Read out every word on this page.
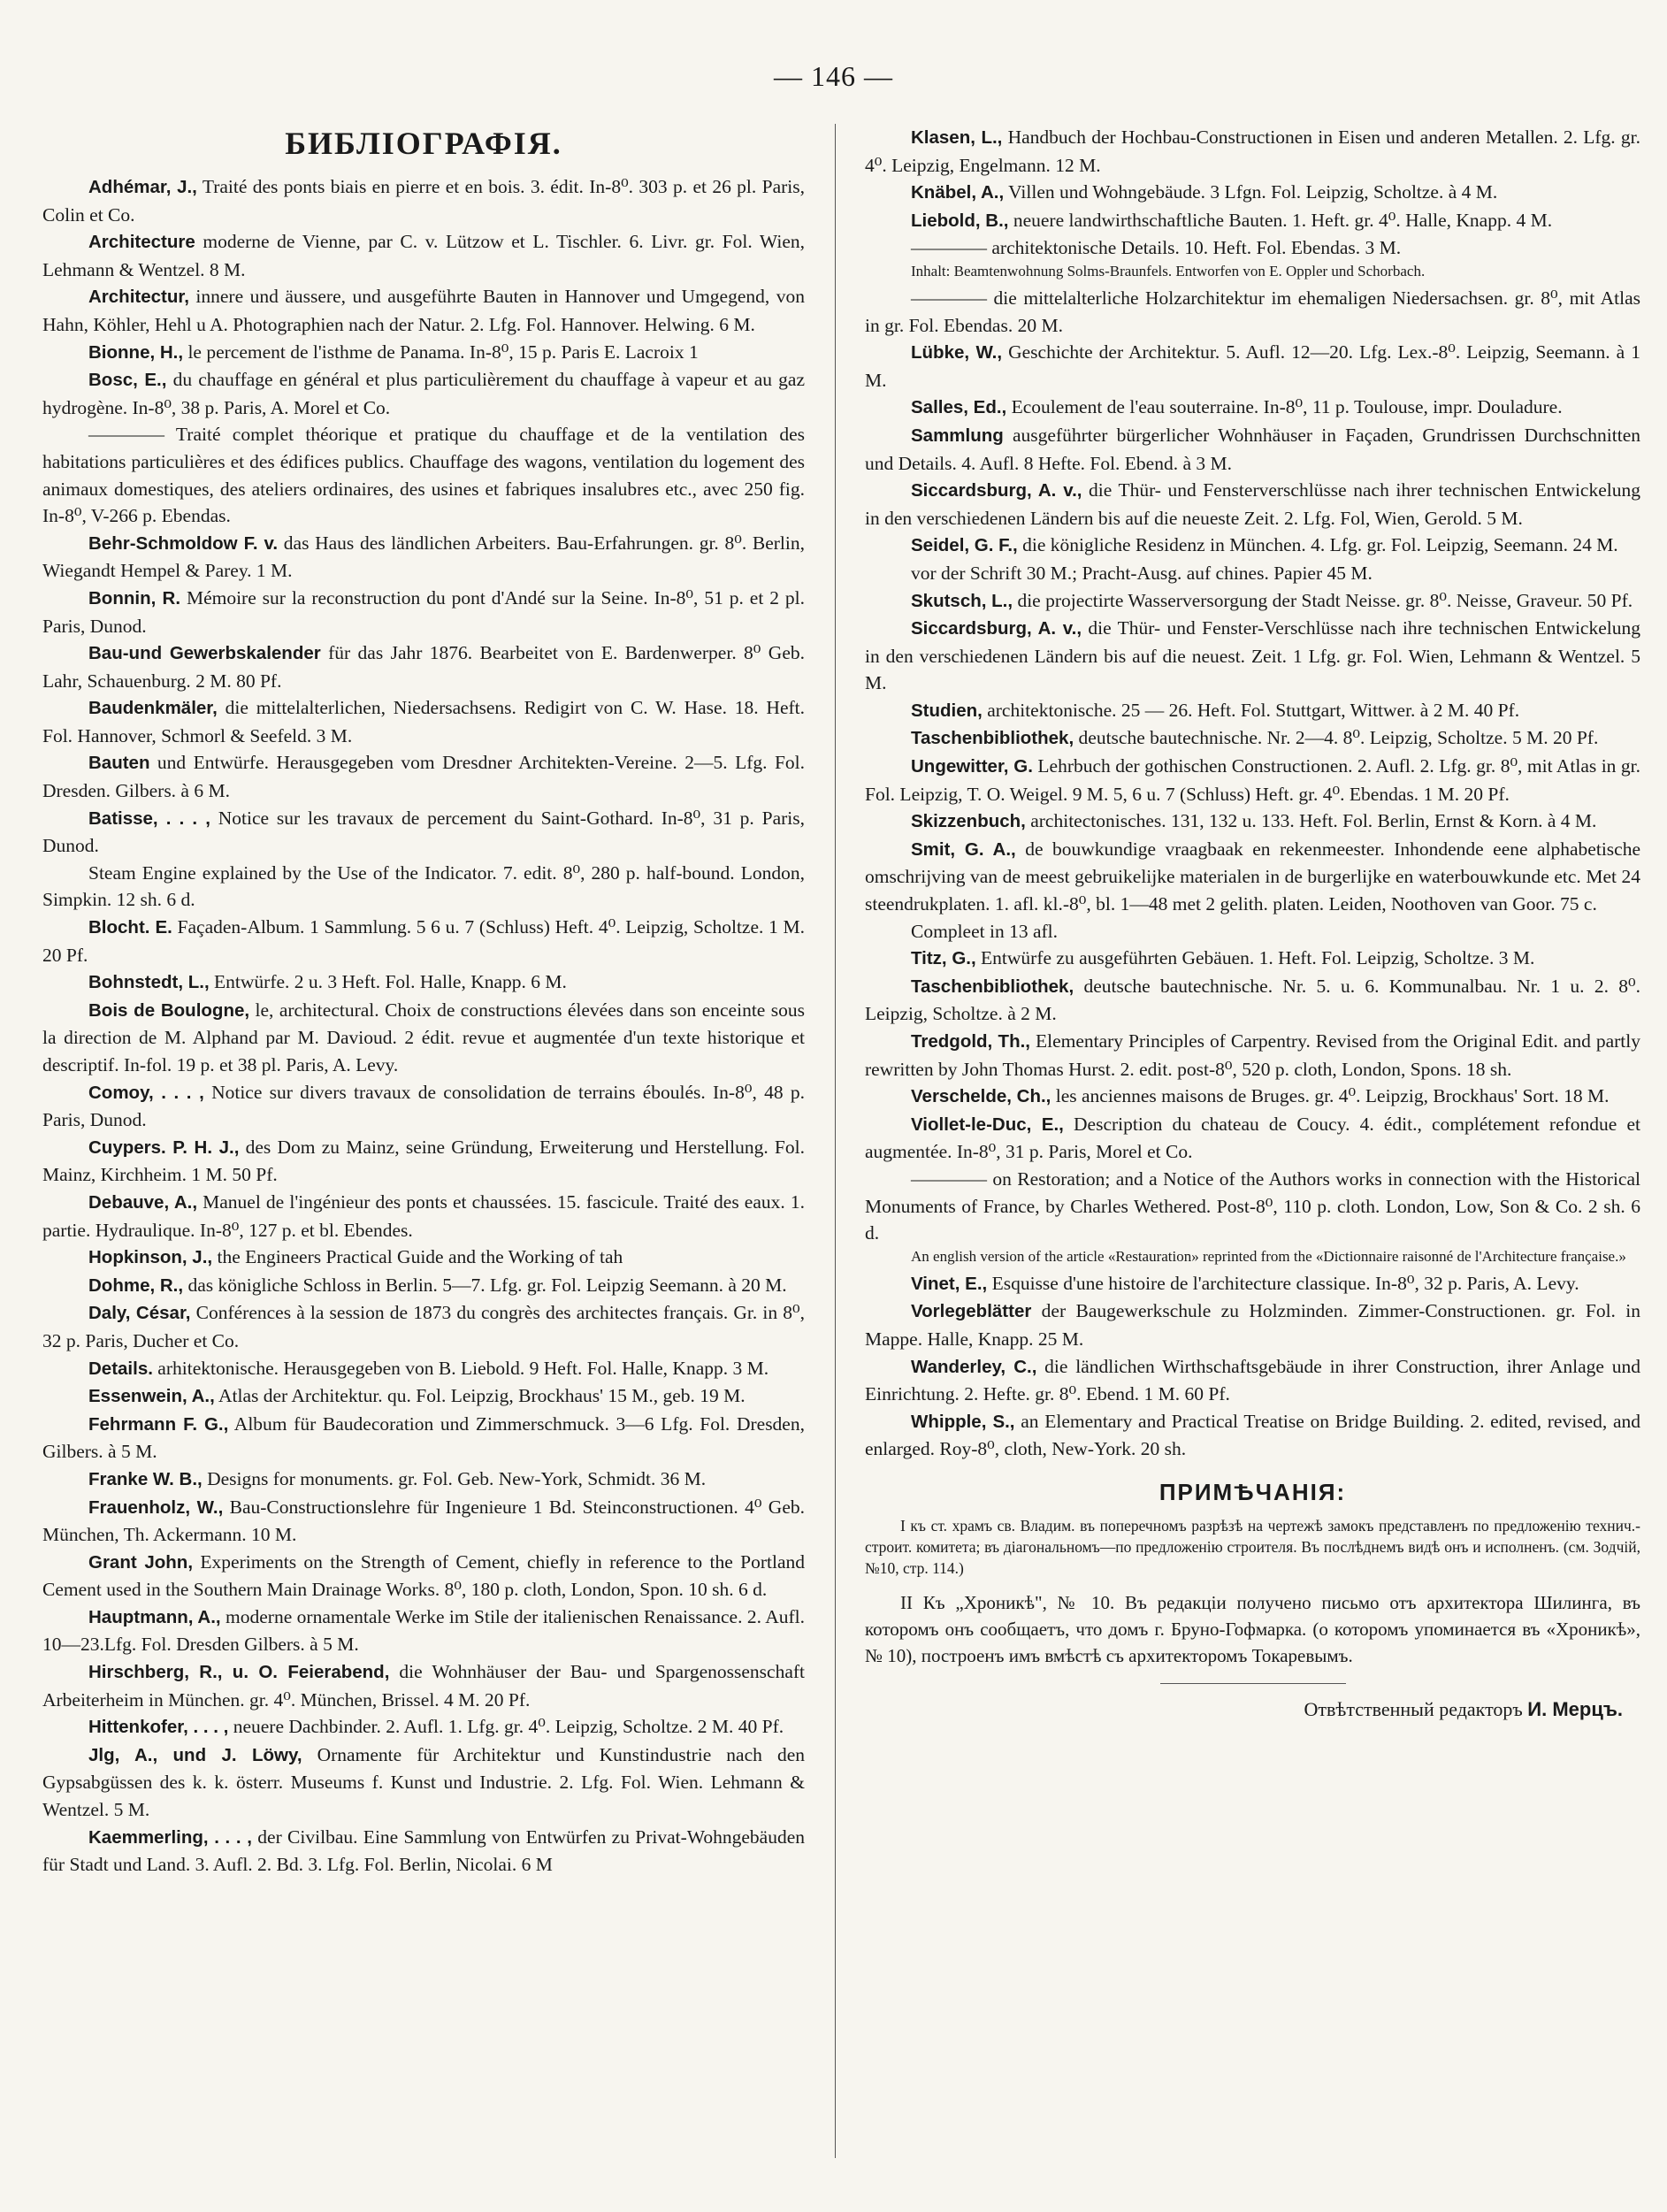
— 146 —
БИБЛІОГРАФІЯ.

Adhémar, J., Traité des ponts biais en pierre et en bois. 3. édit. In-8⁰. 303 p. et 26 pl. Paris, Colin et Co.

Architecture moderne de Vienne, par C. v. Lützow et L. Tischler. 6. Livr. gr. Fol. Wien, Lehmann & Wentzel. 8 M.

Architectur, innere und äussere, und ausgeführte Bauten in Hannover und Umgegend, von Hahn, Köhler, Hehl u A. Photographien nach der Natur. 2. Lfg. Fol. Hannover. Helwing. 6 M.

Bionne, H., le percement de l'isthme de Panama. In-8⁰, 15 p. Paris E. Lacroix 1

Bosc, E., du chauffage en général et plus particulièrement du chauffage à vapeur et au gaz hydrogène. In-8⁰, 38 p. Paris, A. Morel et Co.

———— Traité complet théorique et pratique du chauffage et de la ventilation des habitations particulières et des édifices publics. Chauffage des wagons, ventilation du logement des animaux domestiques, des ateliers ordinaires, des usines et fabriques insalubres etc., avec 250 fig. In-8⁰, V-266 p. Ebendas.

Behr-Schmoldow F. v. das Haus des ländlichen Arbeiters. Bau-Erfahrungen. gr. 8⁰. Berlin, Wiegandt Hempel & Parey. 1 M.

Bonnin, R. Mémoire sur la reconstruction du pont d'Andé sur la Seine. In-8⁰, 51 p. et 2 pl. Paris, Dunod.

Bau-und Gewerbskalender für das Jahr 1876. Bearbeitet von E. Bardenwerper. 8⁰ Geb. Lahr, Schauenburg. 2 M. 80 Pf.

Baudenkmäler, die mittelalterlichen, Niedersachsens. Redigirt von C. W. Hase. 18. Heft. Fol. Hannover, Schmorl & Seefeld. 3 M.

Bauten und Entwürfe. Herausgegeben vom Dresdner Architekten-Vereine. 2—5. Lfg. Fol. Dresden. Gilbers. à 6 M.

Batisse, . . . , Notice sur les travaux de percement du Saint-Gothard. In-8⁰, 31 p. Paris, Dunod.

Steam Engine explained by the Use of the Indicator. 7. edit. 8⁰, 280 p. half-bound. London, Simpkin. 12 sh. 6 d.

Blocht. E. Façaden-Album. 1 Sammlung. 5 6 u. 7 (Schluss) Heft. 4⁰. Leipzig, Scholtze. 1 M. 20 Pf.

Bohnstedt, L., Entwürfe. 2 u. 3 Heft. Fol. Halle, Knapp. 6 M.

Bois de Boulogne, le, architectural. Choix de constructions élevées dans son enceinte sous la direction de M. Alphand par M. Davioud. 2 édit. revue et augmentée d'un texte historique et descriptif. In-fol. 19 p. et 38 pl. Paris, A. Levy.

Comoy, . . . , Notice sur divers travaux de consolidation de terrains éboulés. In-8⁰, 48 p. Paris, Dunod.

Cuypers. P. H. J., des Dom zu Mainz, seine Gründung, Erweiterung und Herstellung. Fol. Mainz, Kirchheim. 1 M. 50 Pf.

Debauve, A., Manuel de l'ingénieur des ponts et chaussées. 15. fascicule. Traité des eaux. 1. partie. Hydraulique. In-8⁰, 127 p. et bl. Ebendes.

Hopkinson, J., the Engineers Practical Guide and the Working of tah

Dohme, R., das königliche Schloss in Berlin. 5—7. Lfg. gr. Fol. Leipzig Seemann. à 20 M.

Daly, César, Conférences à la session de 1873 du congrès des architectes français. Gr. in 8⁰, 32 p. Paris, Ducher et Co.

Details. arhitektonische. Herausgegeben von B. Liebold. 9 Heft. Fol. Halle, Knapp. 3 M.

Essenwein, A., Atlas der Architektur. qu. Fol. Leipzig, Brockhaus' 15 M., geb. 19 M.

Fehrmann F. G., Album für Baudecoration und Zimmerschmuck. 3—6 Lfg. Fol. Dresden, Gilbers. à 5 M.

Franke W. B., Designs for monuments. gr. Fol. Geb. New-York, Schmidt. 36 M.

Frauenholz, W., Bau-Constructionslehre für Ingenieure 1 Bd. Steinconstructionen. 4⁰ Geb. München, Th. Ackermann. 10 M.

Grant John, Experiments on the Strength of Cement, chiefly in reference to the Portland Cement used in the Southern Main Drainage Works. 8⁰, 180 p. cloth, London, Spon. 10 sh. 6 d.

Hauptmann, A., moderne ornamentale Werke im Stile der italienischen Renaissance. 2. Aufl. 10—23.Lfg. Fol. Dresden Gilbers. à 5 M.

Hirschberg, R., u. O. Feierabend, die Wohnhäuser der Bau- und Spargenossenschaft Arbeiterheim in München. gr. 4⁰. München, Brissel. 4 M. 20 Pf.

Hittenkofer, . . . , neuere Dachbinder. 2. Aufl. 1. Lfg. gr. 4⁰. Leipzig, Scholtze. 2 M. 40 Pf.

Jlg, A., und J. Löwy, Ornamente für Architektur und Kunstindustrie nach den Gypsabgüssen des k. k. österr. Museums f. Kunst und Industrie. 2. Lfg. Fol. Wien. Lehmann & Wentzel. 5 M.

Kaemmerling, . . . , der Civilbau. Eine Sammlung von Entwürfen zu Privat-Wohngebäuden für Stadt und Land. 3. Aufl. 2. Bd. 3. Lfg. Fol. Berlin, Nicolai. 6 M

Klasen, L., Handbuch der Hochbau-Constructionen in Eisen und anderen Metallen. 2. Lfg. gr. 4⁰. Leipzig, Engelmann. 12 M.

Knäbel, A., Villen und Wohngebäude. 3 Lfgn. Fol. Leipzig, Scholtze. à 4 M.

Liebold, B., neuere landwirthschaftliche Bauten. 1. Heft. gr. 4⁰. Halle, Knapp. 4 M.

———— architektonische Details. 10. Heft. Fol. Ebendas. 3 M.

Inhalt: Beamtenwohnung Solms-Braunfels. Entworfen von E. Oppler und Schorbach.

———— die mittelalterliche Holzarchitektur im ehemaligen Niedersachsen. gr. 8⁰, mit Atlas in gr. Fol. Ebendas. 20 M.

Lübke, W., Geschichte der Architektur. 5. Aufl. 12—20. Lfg. Lex.-8⁰. Leipzig, Seemann. à 1 M.

Salles, Ed., Ecoulement de l'eau souterraine. In-8⁰, 11 p. Toulouse, impr. Douladure.

Sammlung ausgeführter bürgerlicher Wohnhäuser in Façaden, Grundrissen Durchschnitten und Details. 4. Aufl. 8 Hefte. Fol. Ebend. à 3 M.

Siccardsburg, A. v., die Thür- und Fensterverschlüsse nach ihrer technischen Entwickelung in den verschiedenen Ländern bis auf die neueste Zeit. 2. Lfg. Fol, Wien, Gerold. 5 M.

Seidel, G. F., die königliche Residenz in München. 4. Lfg. gr. Fol. Leipzig, Seemann. 24 M.

vor der Schrift 30 M.; Pracht-Ausg. auf chines. Papier 45 M.

Skutsch, L., die projectirte Wasserversorgung der Stadt Neisse. gr. 8⁰. Neisse, Graveur. 50 Pf.

Siccardsburg, A. v., die Thür- und Fenster-Verschlüsse nach ihre technischen Entwickelung in den verschiedenen Ländern bis auf die neuest. Zeit. 1 Lfg. gr. Fol. Wien, Lehmann & Wentzel. 5 M.

Studien, architektonische. 25 — 26. Heft. Fol. Stuttgart, Wittwer. à 2 M. 40 Pf.

Taschenbibliothek, deutsche bautechnische. Nr. 2—4. 8⁰. Leipzig, Scholtze. 5 M. 20 Pf.

Ungewitter, G. Lehrbuch der gothischen Constructionen. 2. Aufl. 2. Lfg. gr. 8⁰, mit Atlas in gr. Fol. Leipzig, T. O. Weigel. 9 M. 5, 6 u. 7 (Schluss) Heft. gr. 4⁰. Ebendas. 1 M. 20 Pf.

Skizzenbuch, architectonisches. 131, 132 u. 133. Heft. Fol. Berlin, Ernst & Korn. à 4 M.

Smit, G. A., de bouwkundige vraagbaak en rekenmeester. Inhondende eene alphabetische omschrijving van de meest gebruikelijke materialen in de burgerlijke en waterbouwkunde etc. Met 24 steendrukplaten. 1. afl. kl.-8⁰, bl. 1—48 met 2 gelith. platen. Leiden, Noothoven van Goor. 75 c.

Compleet in 13 afl.

Titz, G., Entwürfe zu ausgeführten Gebäuen. 1. Heft. Fol. Leipzig, Scholtze. 3 M.

Taschenbibliothek, deutsche bautechnische. Nr. 5. u. 6. Kommunalbau. Nr. 1 u. 2. 8⁰. Leipzig, Scholtze. à 2 M.

Tredgold, Th., Elementary Principles of Carpentry. Revised from the Original Edit. and partly rewritten by John Thomas Hurst. 2. edit. post-8⁰, 520 p. cloth, London, Spons. 18 sh.

Verschelde, Ch., les anciennes maisons de Bruges. gr. 4⁰. Leipzig, Brockhaus' Sort. 18 M.

Viollet-le-Duc, E., Description du chateau de Coucy. 4. édit., complétement refondue et augmentée. In-8⁰, 31 p. Paris, Morel et Co.

———— on Restoration; and a Notice of the Authors works in connection with the Historical Monuments of France, by Charles Wethered. Post-8⁰, 110 p. cloth. London, Low, Son & Co. 2 sh. 6 d.

An english version of the article «Restauration» reprinted from the «Dictionnaire raisonné de l'Architecture française.»

Vinet, E., Esquisse d'une histoire de l'architecture classique. In-8⁰, 32 p. Paris, A. Levy.

Vorlegeblätter der Baugewerkschule zu Holzminden. Zimmer-Constructionen. gr. Fol. in Mappe. Halle, Knapp. 25 M.

Wanderley, C., die ländlichen Wirthschaftsgebäude in ihrer Construction, ihrer Anlage und Einrichtung. 2. Hefte. gr. 8⁰. Ebend. 1 M. 60 Pf.

Whipple, S., an Elementary and Practical Treatise on Bridge Building. 2. edited, revised, and enlarged. Roy-8⁰, cloth, New-York. 20 sh.

ПРИМѢЧАНІЯ:

I къ ст. храмъ св. Владим. въ поперечномъ разрѣзѣ на чертежѣ замокъ представленъ по предложенію технич.-строит. комитета; въ діагональномъ—по предложенію строителя. Въ послѣднемъ видѣ онъ и исполненъ. (см. Зодчій, №10, стр. 114.)

II Къ „Хроникѣ", № 10. Въ редакціи получено письмо отъ архитектора Шилинга, въ которомъ онъ сообщаетъ, что домъ г. Бруно-Гофмарка. (о которомъ упоминается въ «Хроникѣ», № 10), построенъ имъ вмѣстѣ съ архитекторомъ Токаревымъ.

Отвѣтственный редакторъ И. Мерцъ.
